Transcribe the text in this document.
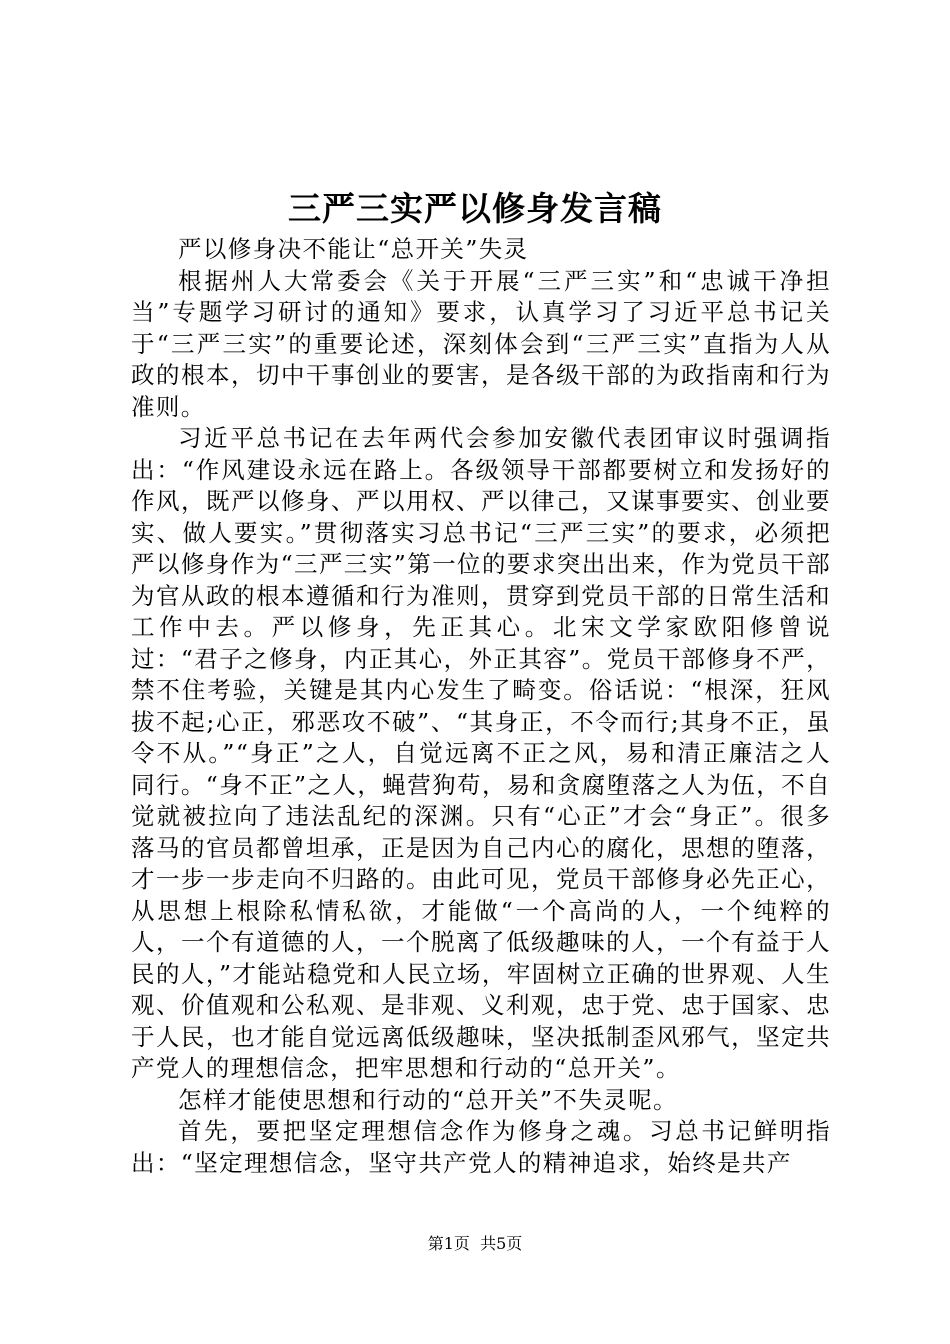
三严三实严以修身发言稿

严以修身决不能让“总开关”失灵

根据州人大常委会《关于开展“三严三实”和“忠诚干净担当”专题学习研讨的通知》要求，认真学习了习近平总书记关于“三严三实”的重要论述，深刻体会到“三严三实”直指为人从政的根本，切中干事创业的要害，是各级干部的为政指南和行为准则。

习近平总书记在去年两代会参加安徽代表团审议时强调指出：“作风建设永远在路上。各级领导干部都要树立和发扬好的作风，既严以修身、严以用权、严以律己，又谋事要实、创业要实、做人要实。”贯彻落实习总书记“三严三实”的要求，必须把严以修身作为“三严三实”第一位的要求突出出来，作为党员干部为官从政的根本遵循和行为准则，贯穿到党员干部的日常生活和工作中去。严以修身，先正其心。北宋文学家欧阳修曾说过：“君子之修身，内正其心，外正其容”。党员干部修身不严，禁不住考验，关键是其内心发生了畸变。俗话说：“根深，狂风拔不起;心正，邪恶攻不破”、“其身正，不令而行;其身不正，虽令不从。”“身正”之人，自觉远离不正之风，易和清正廉洁之人同行。“身不正”之人，蝇营狗苟，易和贪腐堕落之人为伍，不自觉就被拉向了违法乱纪的深渊。只有“心正”才会“身正”。很多落马的官员都曾坦承，正是因为自己内心的腐化，思想的堕落，才一步一步走向不归路的。由此可见，党员干部修身必先正心，从思想上根除私情私欲，才能做“一个高尚的人，一个纯粹的人，一个有道德的人，一个脱离了低级趣味的人，一个有益于人民的人，”才能站稳党和人民立场，牢固树立正确的世界观、人生观、价值观和公私观、是非观、义利观，忠于党、忠于国家、忠于人民，也才能自觉远离低级趣味，坚决抵制歪风邪气，坚定共产党人的理想信念，把牢思想和行动的“总开关”。

怎样才能使思想和行动的“总开关”不失灵呢。

首先，要把坚定理想信念作为修身之魂。习总书记鲜明指出：“坚定理想信念，坚守共产党人的精神追求，始终是共产

第1页 共5页
